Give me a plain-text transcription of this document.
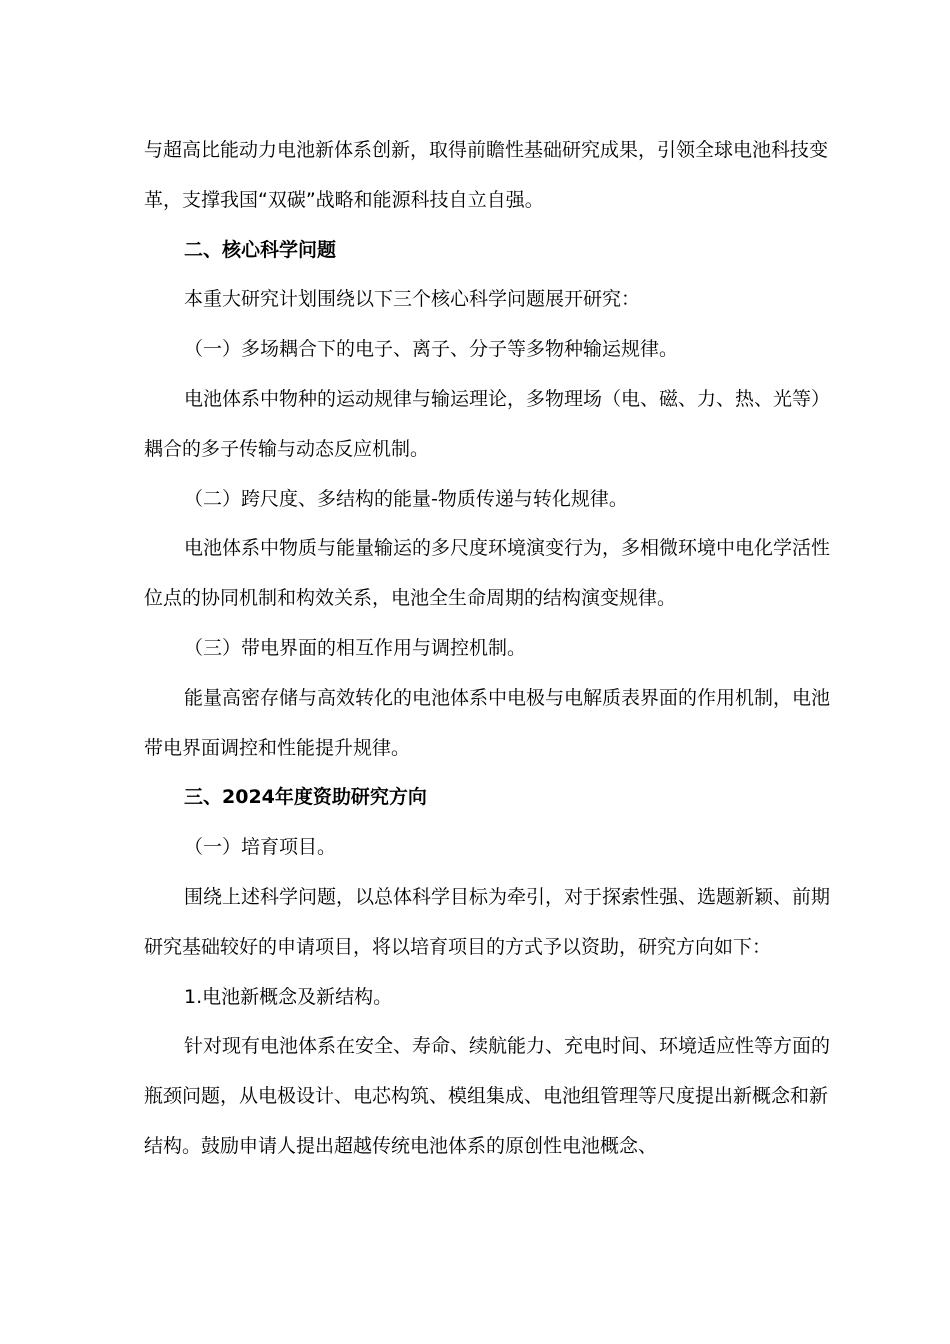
与超高比能动力电池新体系创新，取得前瞻性基础研究成果，引领全球电池科技变革，支撑我国“双碳”战略和能源科技自立自强。

二、核心科学问题

本重大研究计划围绕以下三个核心科学问题展开研究：

（一）多场耦合下的电子、离子、分子等多物种输运规律。

电池体系中物种的运动规律与输运理论，多物理场（电、磁、力、热、光等）耦合的多子传输与动态反应机制。

（二）跨尺度、多结构的能量-物质传递与转化规律。

电池体系中物质与能量输运的多尺度环境演变行为，多相微环境中电化学活性位点的协同机制和构效关系，电池全生命周期的结构演变规律。

（三）带电界面的相互作用与调控机制。

能量高密存储与高效转化的电池体系中电极与电解质表界面的作用机制，电池带电界面调控和性能提升规律。

三、2024年度资助研究方向

（一）培育项目。

围绕上述科学问题，以总体科学目标为牵引，对于探索性强、选题新颖、前期研究基础较好的申请项目，将以培育项目的方式予以资助，研究方向如下：

1.电池新概念及新结构。

针对现有电池体系在安全、寿命、续航能力、充电时间、环境适应性等方面的瓶颈问题，从电极设计、电芯构筑、模组集成、电池组管理等尺度提出新概念和新结构。鼓励申请人提出超越传统电池体系的原创性电池概念、
